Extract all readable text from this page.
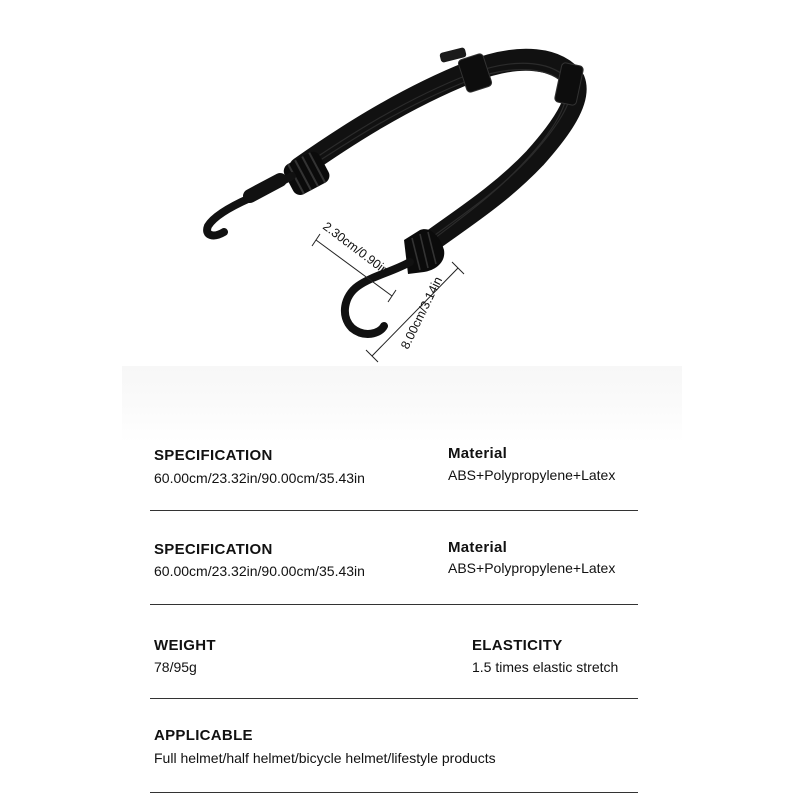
2.30cm/0.90in
8.00cm/3.14in
SPECIFICATION
60.00cm/23.32in/90.00cm/35.43in
Material
ABS+Polypropylene+Latex
SPECIFICATION
60.00cm/23.32in/90.00cm/35.43in
Material
ABS+Polypropylene+Latex
WEIGHT
78/95g
ELASTICITY
1.5 times elastic stretch
APPLICABLE
Full helmet/half helmet/bicycle helmet/lifestyle products
